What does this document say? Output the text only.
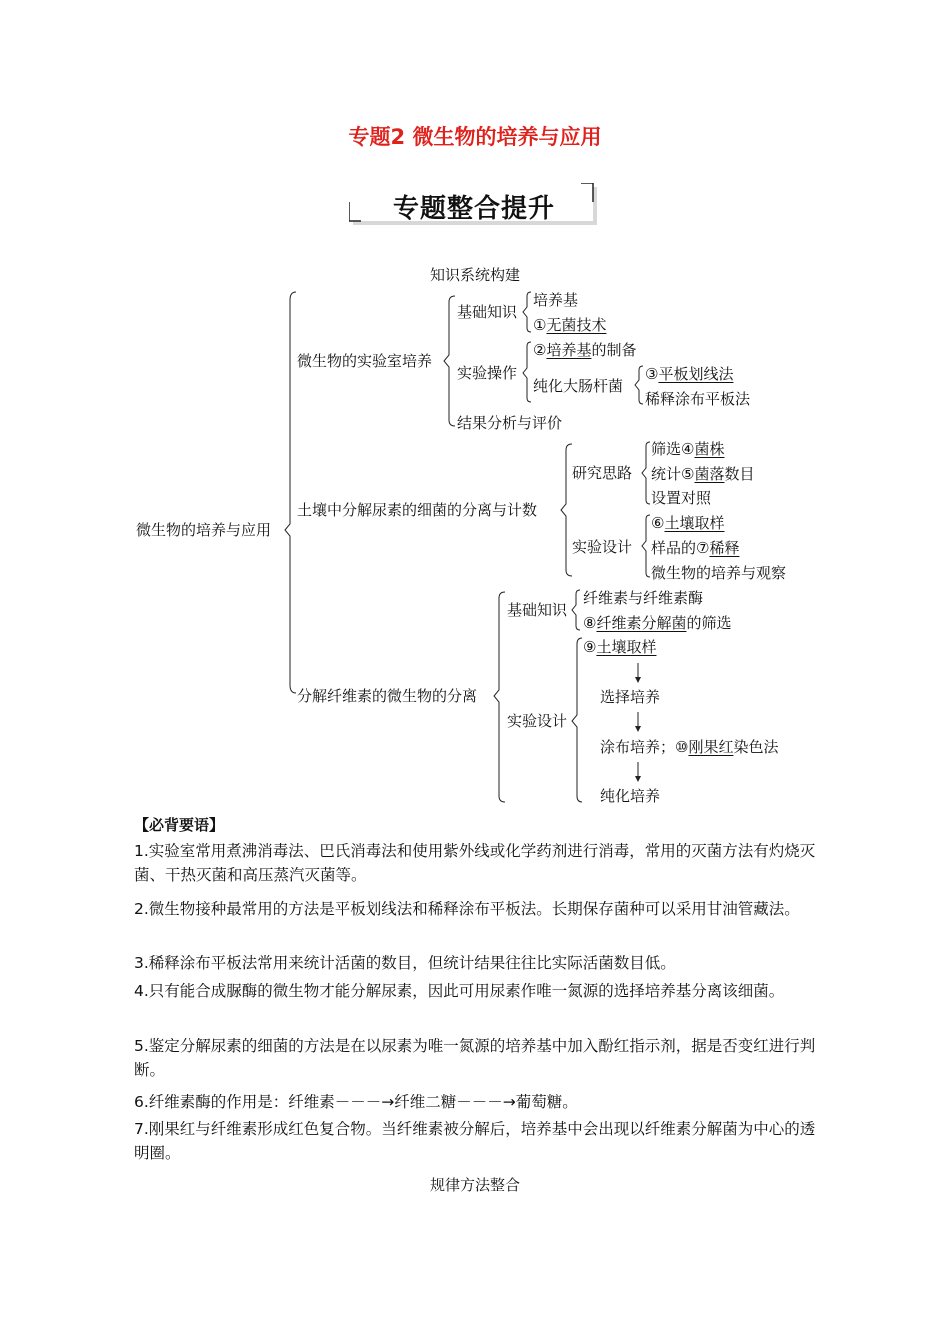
专题2 微生物的培养与应用
专题整合提升
知识系统构建
微生物的培养与应用
微生物的实验室培养
基础知识
培养基
①无菌技术
实验操作
②培养基的制备
纯化大肠杆菌
③平板划线法
稀释涂布平板法
结果分析与评价
土壤中分解尿素的细菌的分离与计数
研究思路
筛选④菌株
统计⑤菌落数目
设置对照
实验设计
⑥土壤取样
样品的⑦稀释
微生物的培养与观察
分解纤维素的微生物的分离
基础知识
纤维素与纤维素酶
⑧纤维素分解菌的筛选
实验设计
⑨土壤取样
选择培养
涂布培养；⑩刚果红染色法
纯化培养
【必背要语】
1.实验室常用煮沸消毒法、巴氏消毒法和使用紫外线或化学药剂进行消毒，常用的灭菌方法有灼烧灭菌、干热灭菌和高压蒸汽灭菌等。
2.微生物接种最常用的方法是平板划线法和稀释涂布平板法。长期保存菌种可以采用甘油管藏法。
3.稀释涂布平板法常用来统计活菌的数目，但统计结果往往比实际活菌数目低。
4.只有能合成脲酶的微生物才能分解尿素，因此可用尿素作唯一氮源的选择培养基分离该细菌。
5.鉴定分解尿素的细菌的方法是在以尿素为唯一氮源的培养基中加入酚红指示剂，据是否变红进行判断。
6.纤维素酶的作用是：纤维素－－－→纤维二糖－－－→葡萄糖。
7.刚果红与纤维素形成红色复合物。当纤维素被分解后，培养基中会出现以纤维素分解菌为中心的透明圈。
规律方法整合
